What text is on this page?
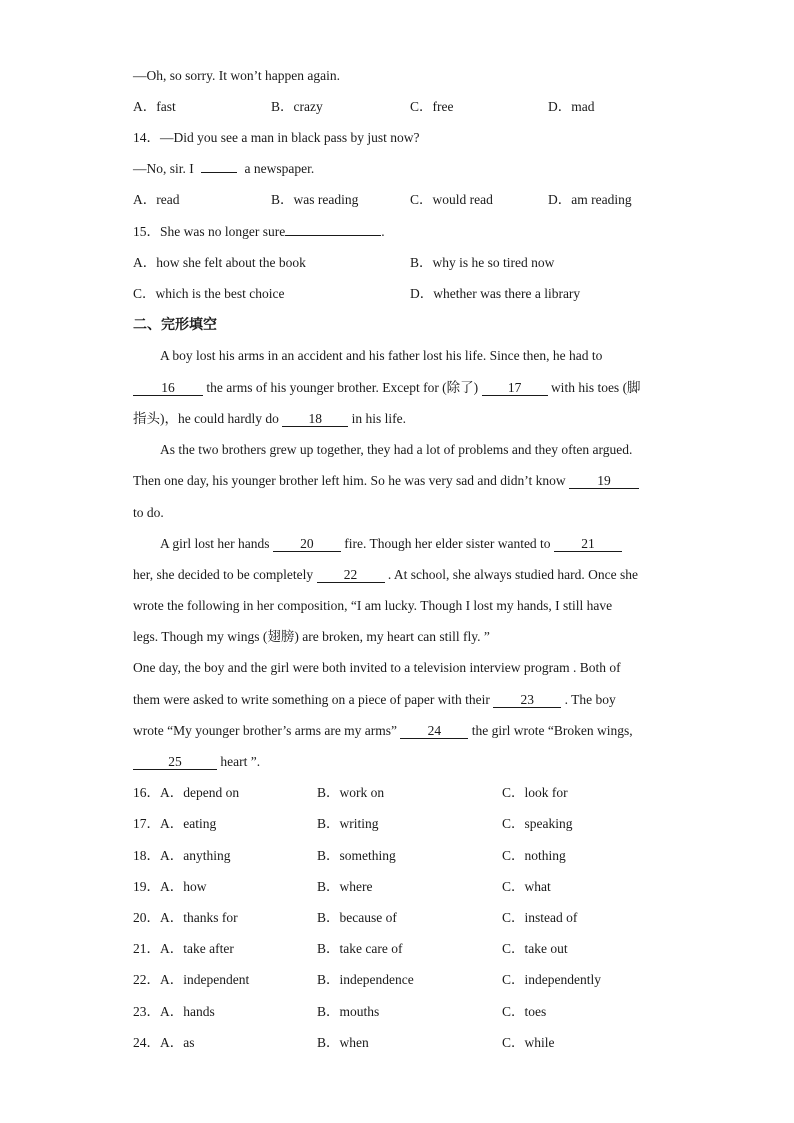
—Oh, so sorry. It won’t happen again.
A．fast	B．crazy	C．free	D．mad
14．—Did you see a man in black pass by just now?
—No, sir. I	a newspaper.
A．read	B．was reading	C．would read	D．am reading
15．She was no longer sure	.
A．how she felt about the book	B．why is he so tired now
C．which is the best choice	D．whether was there a library
二、完形填空
A boy lost his arms in an accident and his father lost his life. Since then, he had to
16 the arms of his younger brother. Except for (除了) 17 with his toes (脚
指头)，he could hardly do 18 in his life.
As the two brothers grew up together, they had a lot of problems and they often argued.
Then one day, his younger brother left him. So he was very sad and didn’t know 19
to do.
A girl lost her hands 20 fire. Though her elder sister wanted to 21
her, she decided to be completely 22 . At school, she always studied hard. Once she
wrote the following in her composition, “I am lucky. Though I lost my hands, I still have
legs. Though my wings (翅膀) are broken, my heart can still fly. ”
One day, the boy and the girl were both invited to a television interview program . Both of
them were asked to write something on a piece of paper with their 23 . The boy
wrote “My younger brother’s arms are my arms” 24 the girl wrote “Broken wings,
25	heart ”.
16．A．depend on	B．work on	C．look for
17．A．eating	B．writing	C．speaking
18．A．anything	B．something	C．nothing
19．A．how	B．where	C．what
20．A．thanks for	B．because of	C．instead of
21．A．take after	B．take care of	C．take out
22．A．independent	B．independence	C．independently
23．A．hands	B．mouths	C．toes
24．A．as	B．when	C．while
